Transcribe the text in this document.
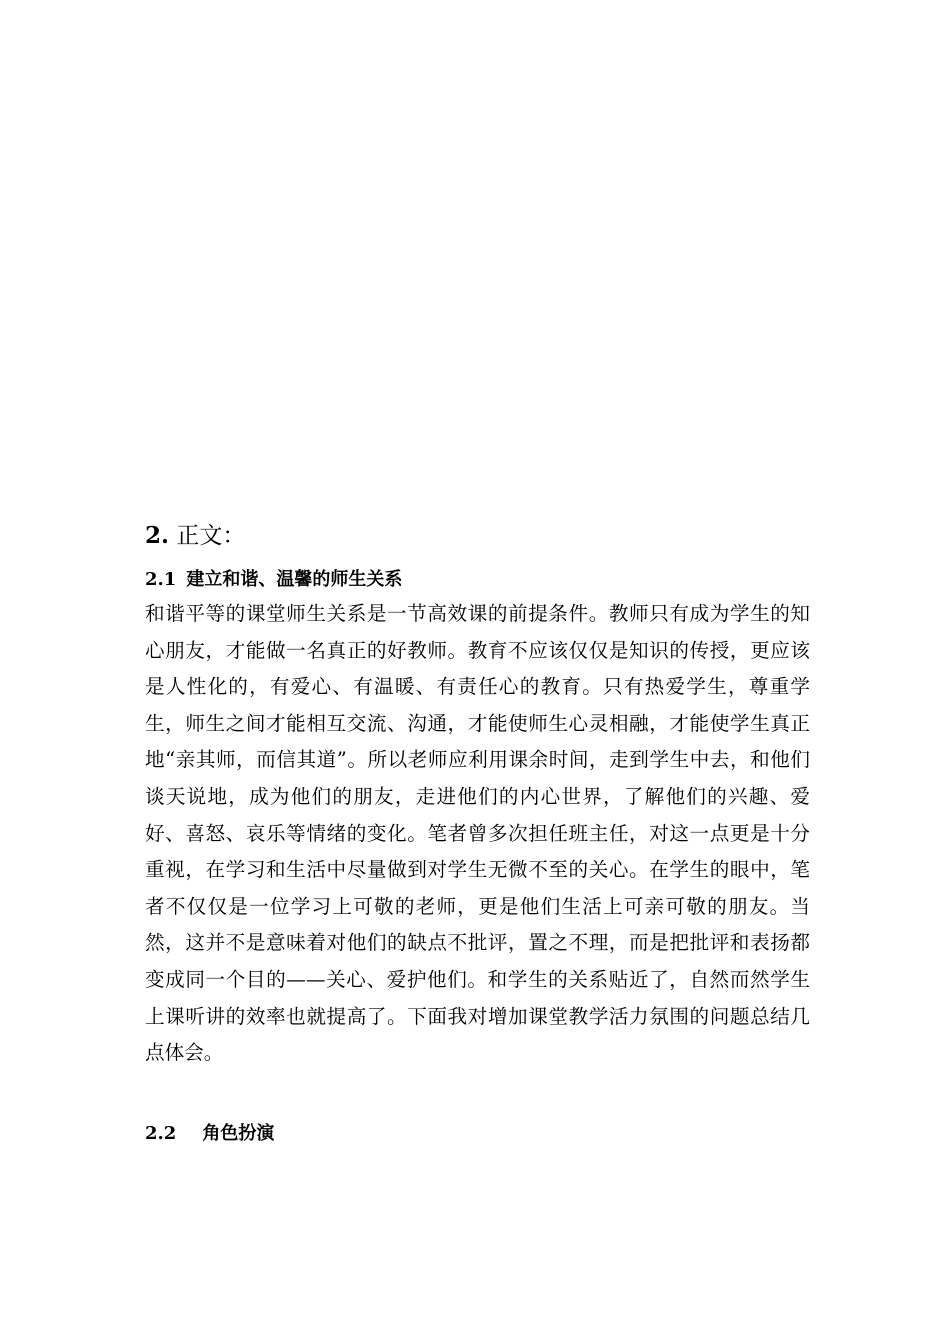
2. 正文：
2.1 建立和谐、温馨的师生关系

和谐平等的课堂师生关系是一节高效课的前提条件。教师只有成为学生的知心朋友，才能做一名真正的好教师。教育不应该仅仅是知识的传授，更应该是人性化的，有爱心、有温暖、有责任心的教育。只有热爱学生，尊重学生，师生之间才能相互交流、沟通，才能使师生心灵相融，才能使学生真正地“亲其师，而信其道”。所以老师应利用课余时间，走到学生中去，和他们谈天说地，成为他们的朋友，走进他们的内心世界，了解他们的兴趣、爱好、喜怒、哀乐等情绪的变化。笔者曾多次担任班主任，对这一点更是十分重视，在学习和生活中尽量做到对学生无微不至的关心。在学生的眼中，笔者不仅仅是一位学习上可敬的老师，更是他们生活上可亲可敬的朋友。当然，这并不是意味着对他们的缺点不批评，置之不理，而是把批评和表扬都变成同一个目的——关心、爱护他们。和学生的关系贴近了，自然而然学生上课听讲的效率也就提高了。下面我对增加课堂教学活力氛围的问题总结几点体会。

2.2 角色扮演
